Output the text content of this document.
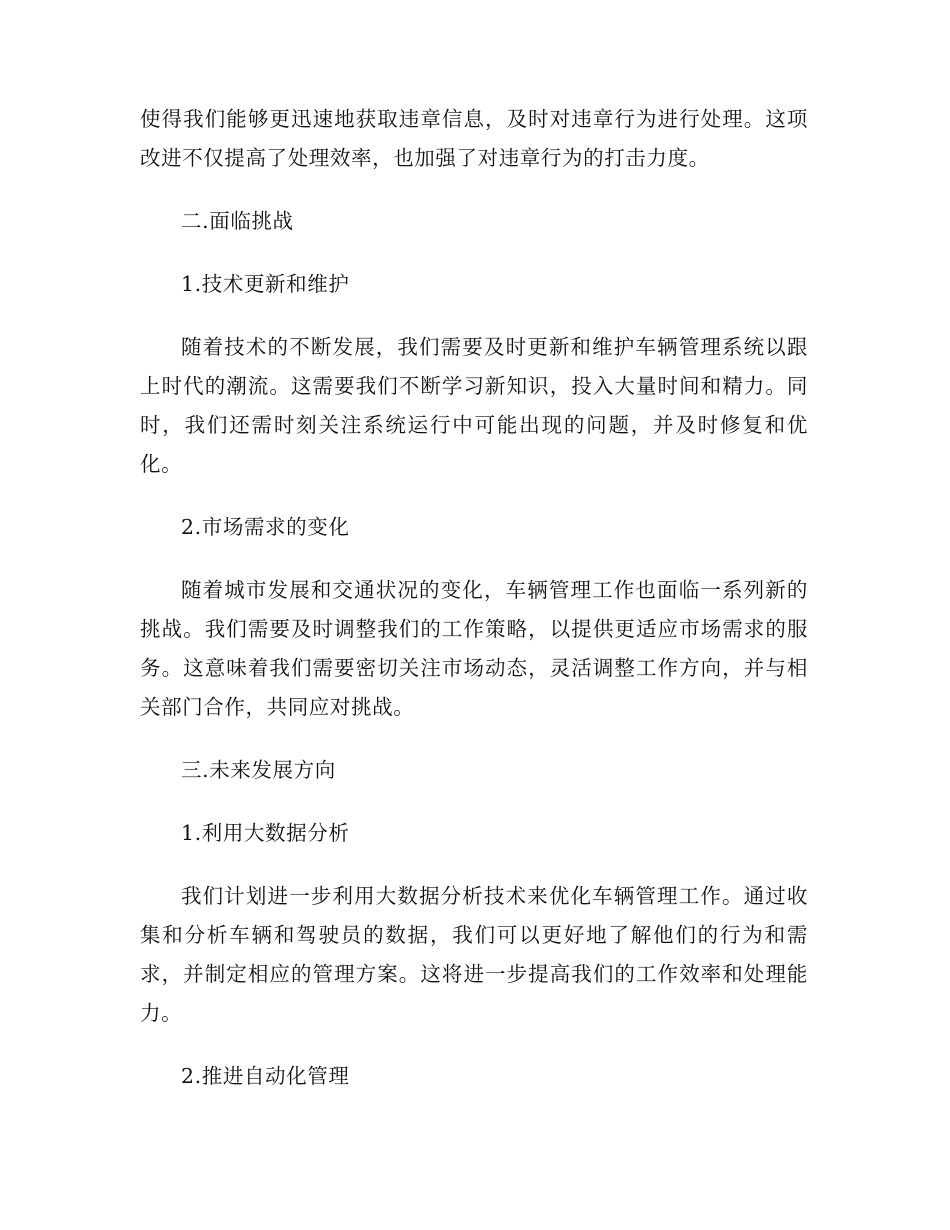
使得我们能够更迅速地获取违章信息，及时对违章行为进行处理。这项改进不仅提高了处理效率，也加强了对违章行为的打击力度。

二.面临挑战

1.技术更新和维护

随着技术的不断发展，我们需要及时更新和维护车辆管理系统以跟上时代的潮流。这需要我们不断学习新知识，投入大量时间和精力。同时，我们还需时刻关注系统运行中可能出现的问题，并及时修复和优化。

2.市场需求的变化

随着城市发展和交通状况的变化，车辆管理工作也面临一系列新的挑战。我们需要及时调整我们的工作策略，以提供更适应市场需求的服务。这意味着我们需要密切关注市场动态，灵活调整工作方向，并与相关部门合作，共同应对挑战。

三.未来发展方向

1.利用大数据分析

我们计划进一步利用大数据分析技术来优化车辆管理工作。通过收集和分析车辆和驾驶员的数据，我们可以更好地了解他们的行为和需求，并制定相应的管理方案。这将进一步提高我们的工作效率和处理能力。

2.推进自动化管理
